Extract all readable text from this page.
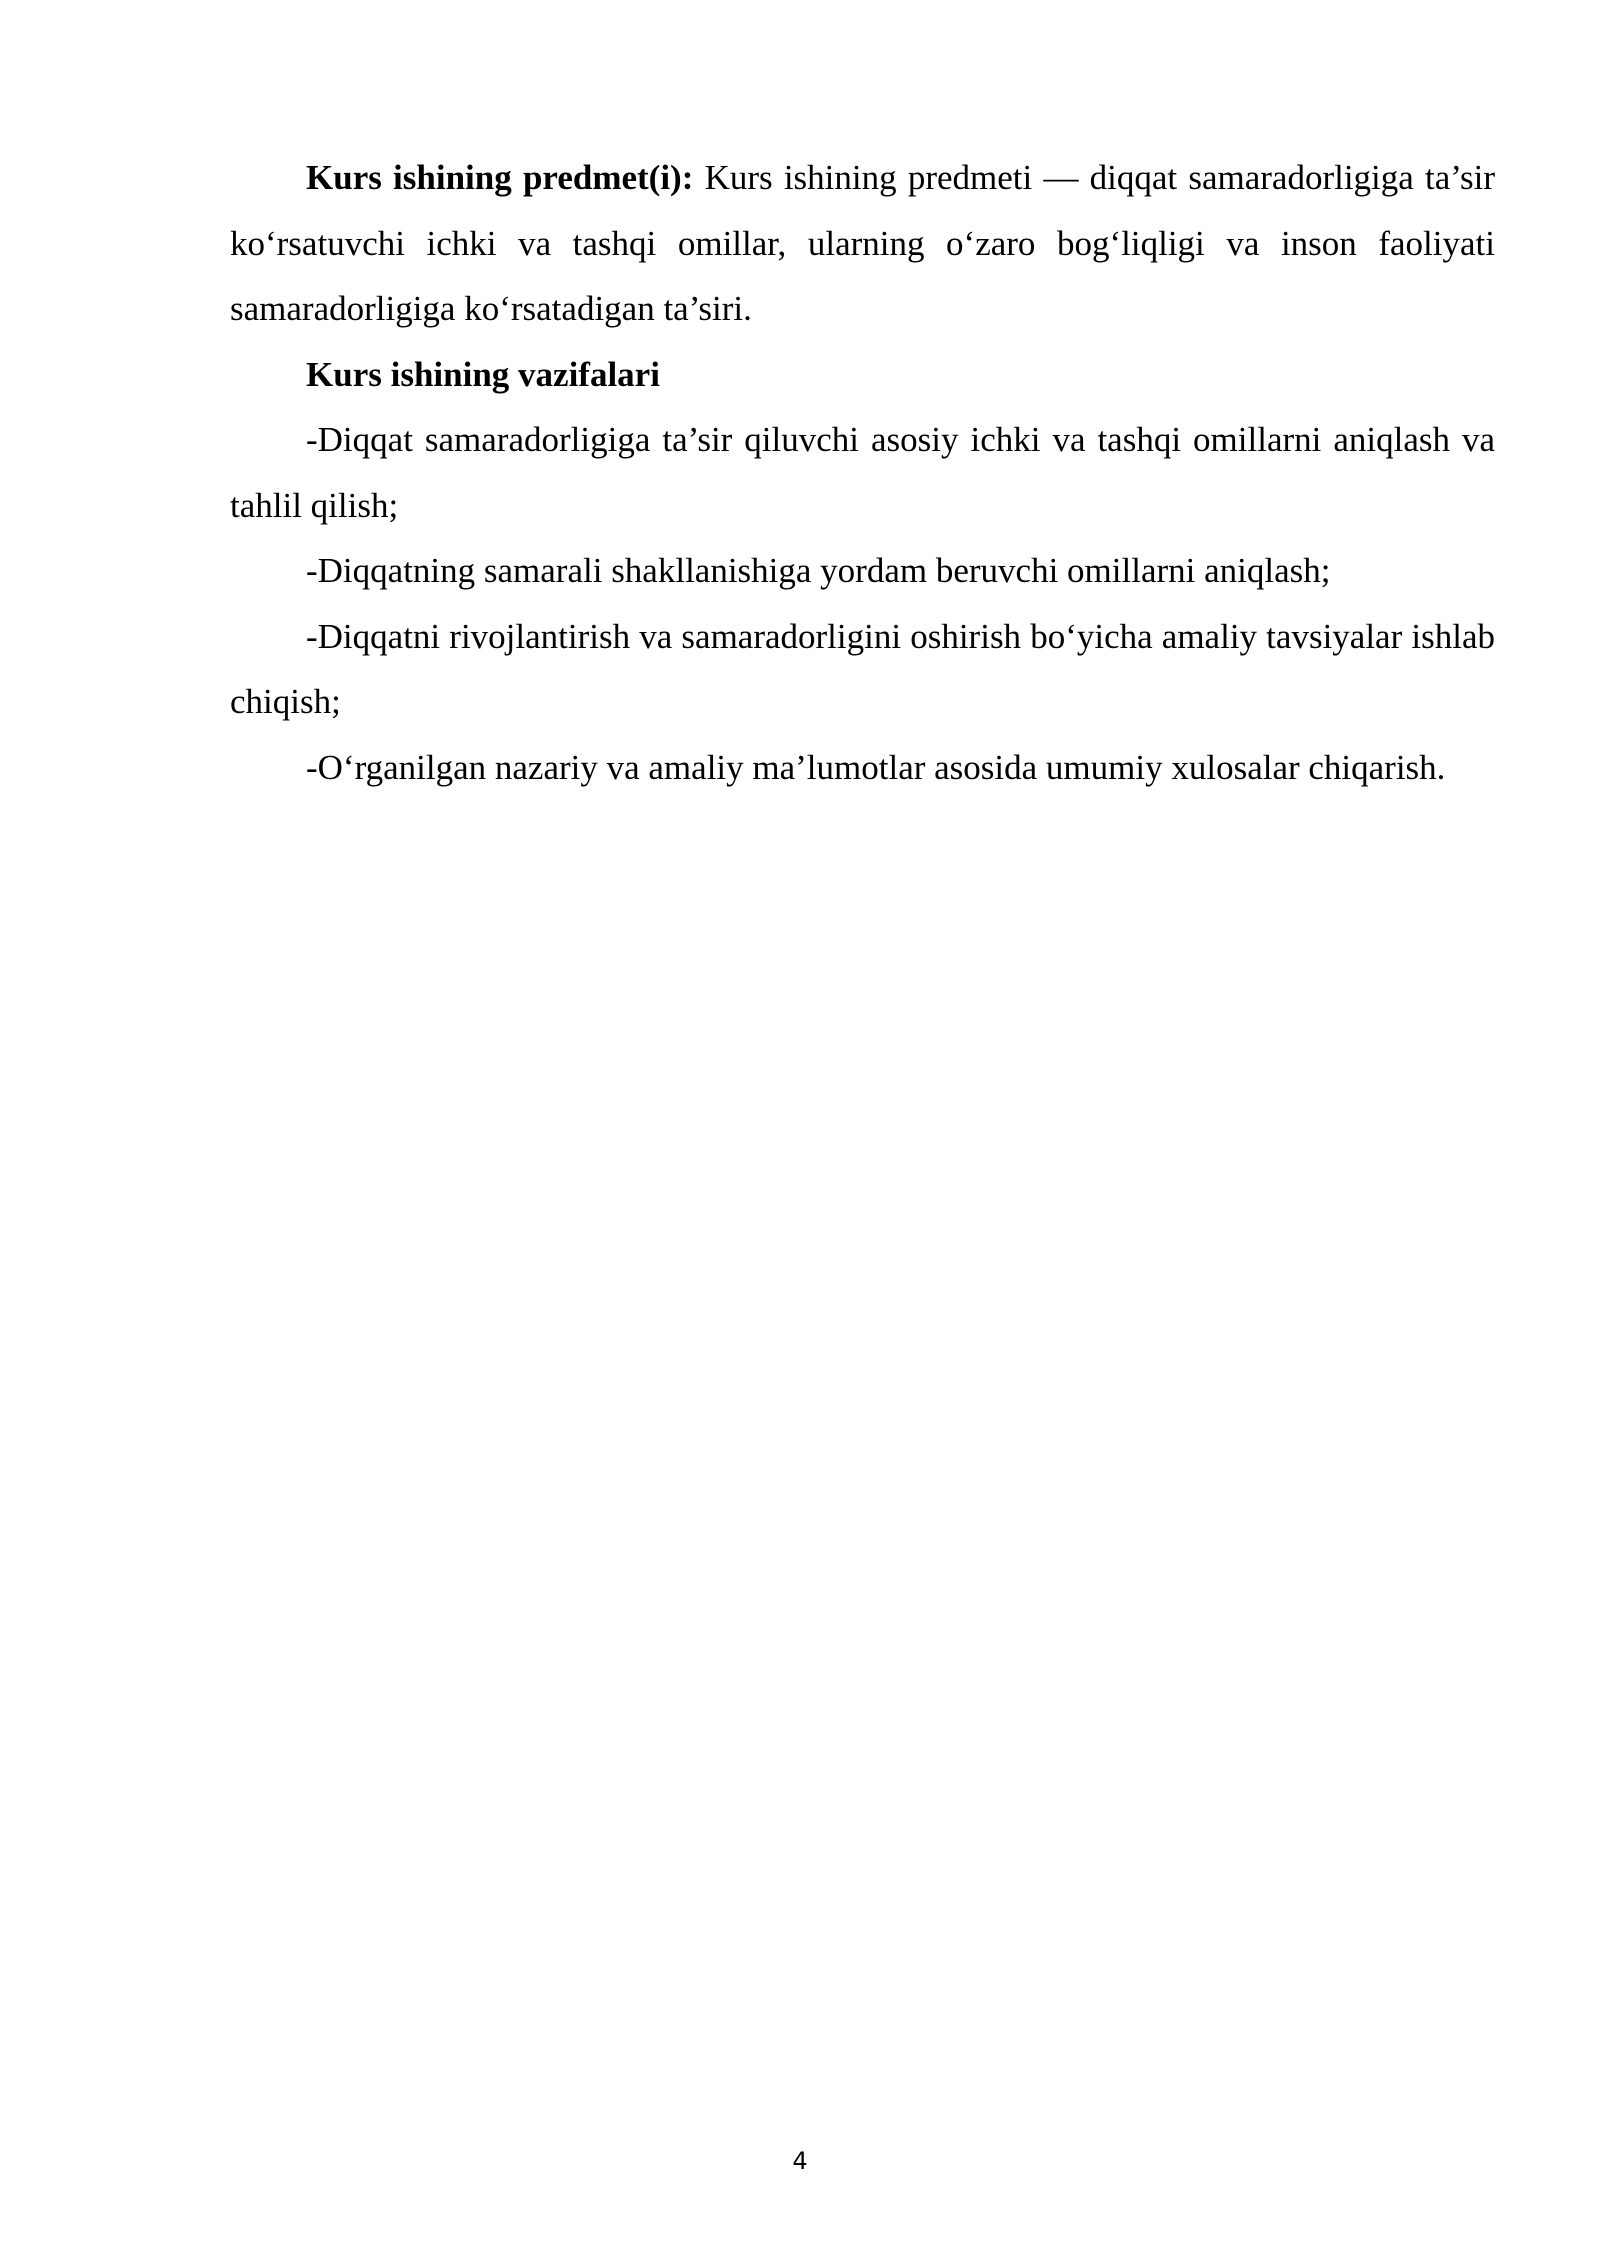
Kurs ishining predmet(i): Kurs ishining predmeti — diqqat samaradorligiga ta’sir ko‘rsatuvchi ichki va tashqi omillar, ularning o‘zaro bog‘liqligi va inson faoliyati samaradorligiga ko‘rsatadigan ta’siri.

Kurs ishining vazifalari

-Diqqat samaradorligiga ta’sir qiluvchi asosiy ichki va tashqi omillarni aniqlash va tahlil qilish;

-Diqqatning samarali shakllanishiga yordam beruvchi omillarni aniqlash;

-Diqqatni rivojlantirish va samaradorligini oshirish bo‘yicha amaliy tavsiyalar ishlab chiqish;

-O‘rganilgan nazariy va amaliy ma’lumotlar asosida umumiy xulosalar chiqarish.

4
